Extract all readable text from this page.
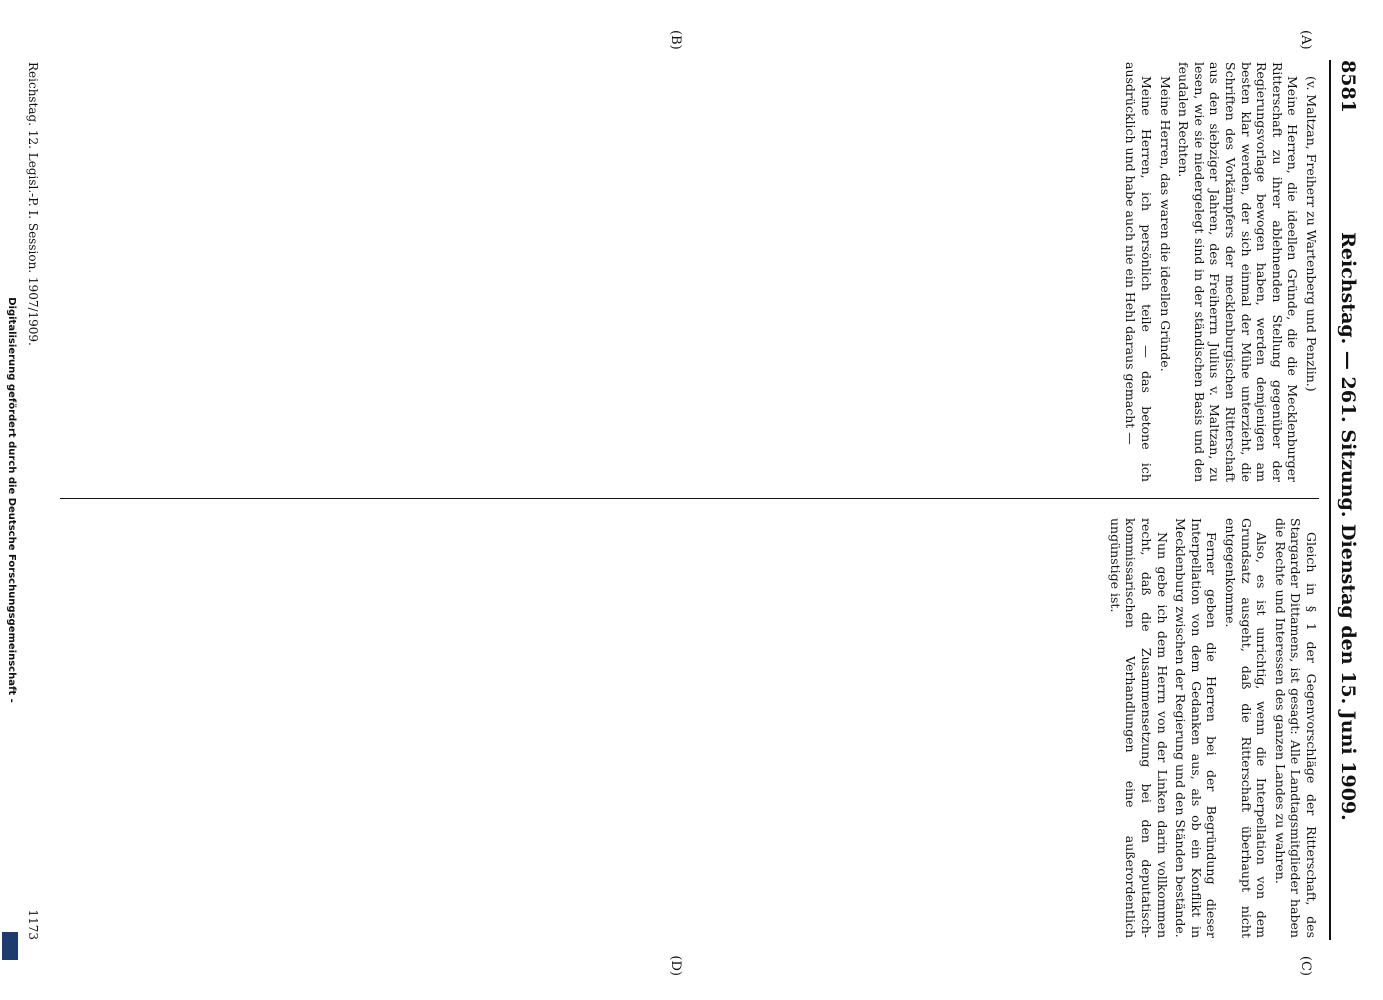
8581
Reichstag. — 261. Sitzung. Dienstag den 15. Juni 1909.
(A)
(B)
(C)
(D)

(v. Maltzan, Freiherr zu Wartenberg und Penzlin.)

Meine Herren, die ideellen Gründe, die die Mecklenburger Ritterschaft zu ihrer ablehnenden Stellung gegenüber der Regierungsvorlage bewogen haben, werden demjenigen am besten klar werden, der sich einmal der Mühe unterzieht, die Schriften des Vorkämpfers der mecklenburgischen Ritterschaft aus den siebziger Jahren, des Freiherrn Julius v. Maltzan, zu lesen, wie sie niedergelegt sind in der ständischen Basis und den feudalen Rechten.

Meine Herren, das waren die ideellen Gründe.

Meine Herren, ich persönlich teile — das betone ich ausdrücklich und habe auch nie ein Hehl daraus gemacht —

Gleich in § 1 der Gegenvorschläge der Ritterschaft, des Stargarder Dittamens, ist gesagt: Alle Landtagsmitglieder haben die Rechte und Interessen des ganzen Landes zu wahren.

Also, es ist unrichtig, wenn die Interpellation von dem Grundsatz ausgeht, daß die Ritterschaft überhaupt nicht entgegenkomme.

Ferner geben die Herren bei der Begründung dieser Interpellation von dem Gedanken aus, als ob ein Konflikt in Mecklenburg zwischen der Regierung und den Ständen bestände.

Nun gebe ich dem Herrn von der Linken darin vollkommen recht, daß die Zusammensetzung bei den deputatisch-kommissarischen Verhandlungen eine außerordentlich ungünstige ist.

Reichstag. 12. Legisl.-P. I. Session. 1907/1909.
1173
Digitalisierung gefördert durch die Deutsche Forschungsgemeinschaft -
